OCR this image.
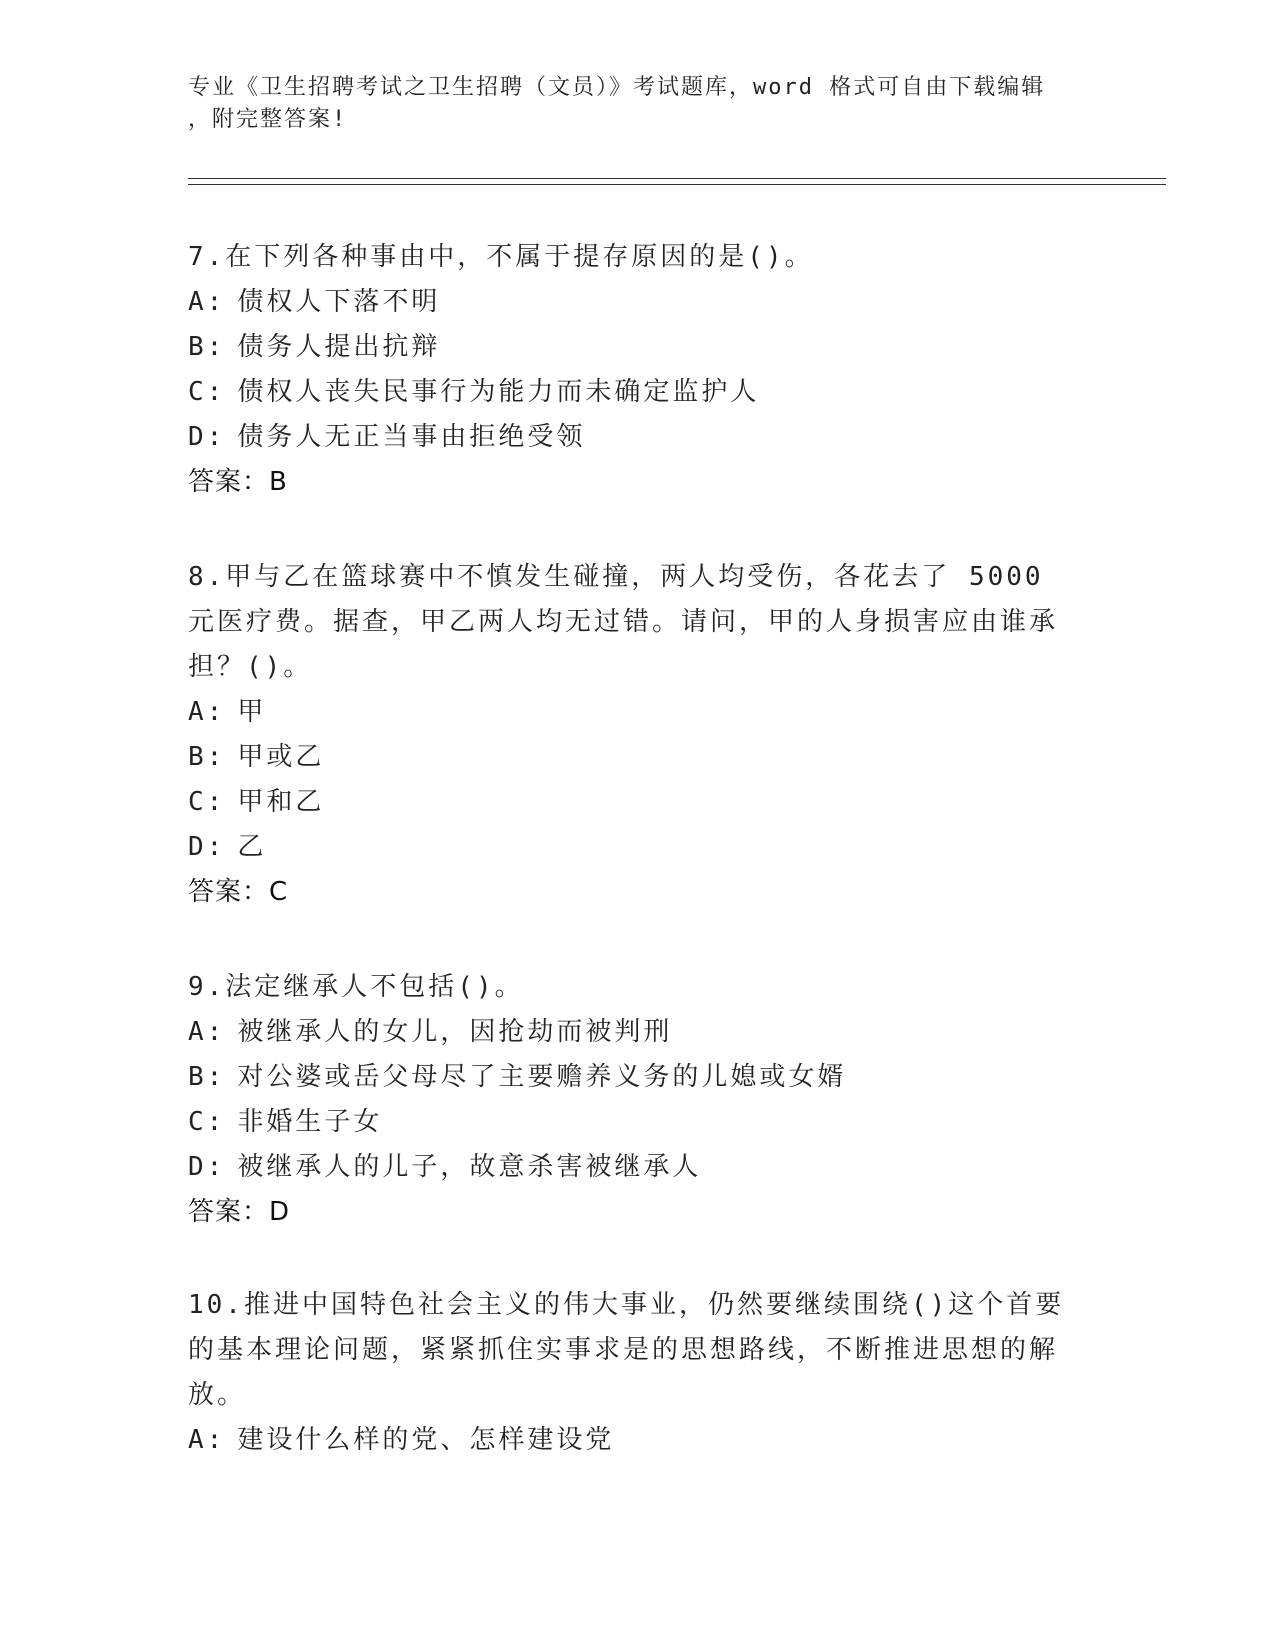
专业《卫生招聘考试之卫生招聘（文员）》考试题库，word 格式可自由下载编辑
，附完整答案!
7.在下列各种事由中，不属于提存原因的是()。
A: 债权人下落不明
B: 债务人提出抗辩
C: 债权人丧失民事行为能力而未确定监护人
D: 债务人无正当事由拒绝受领
答案：B
8.甲与乙在篮球赛中不慎发生碰撞，两人均受伤，各花去了 5000 元医疗费。据查，甲乙两人均无过错。请问，甲的人身损害应由谁承担？()。
A: 甲
B: 甲或乙
C: 甲和乙
D: 乙
答案：C
9.法定继承人不包括()。
A: 被继承人的女儿，因抢劫而被判刑
B: 对公婆或岳父母尽了主要赡养义务的儿媳或女婿
C: 非婚生子女
D: 被继承人的儿子，故意杀害被继承人
答案：D
10.推进中国特色社会主义的伟大事业，仍然要继续围绕()这个首要的基本理论问题，紧紧抓住实事求是的思想路线，不断推进思想的解放。
A: 建设什么样的党、怎样建设党
